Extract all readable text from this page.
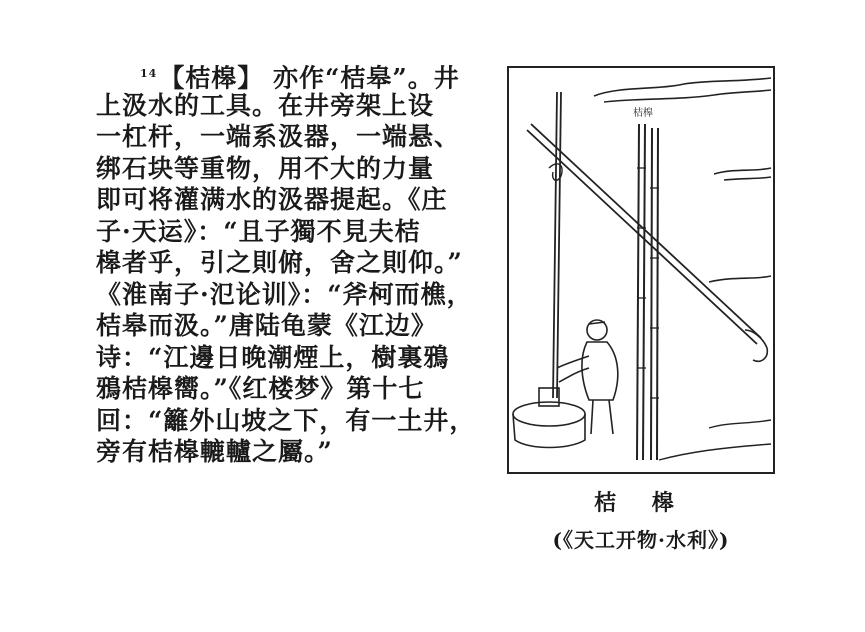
$^{14}$【桔槔】 亦作“桔皋”。井
上汲水的工具。在井旁架上设
一杠杆，一端系汲器，一端悬、
绑石块等重物，用不大的力量
即可将灌满水的汲器提起。《庄
子·天运》：“且子獨不見夫桔
槔者乎，引之則俯，舍之則仰。”
《淮南子·氾论训》：“斧柯而樵，
桔皋而汲。”唐陆龟蒙《江边》
诗：“江邊日晚潮煙上，樹裏鴉
鴉桔槔嚮。”《红楼梦》第十七
回：“籬外山坡之下，有一土井，
旁有桔槔轆轤之屬。”
桔槔
桔 槔
(《天工开物·水利》)
